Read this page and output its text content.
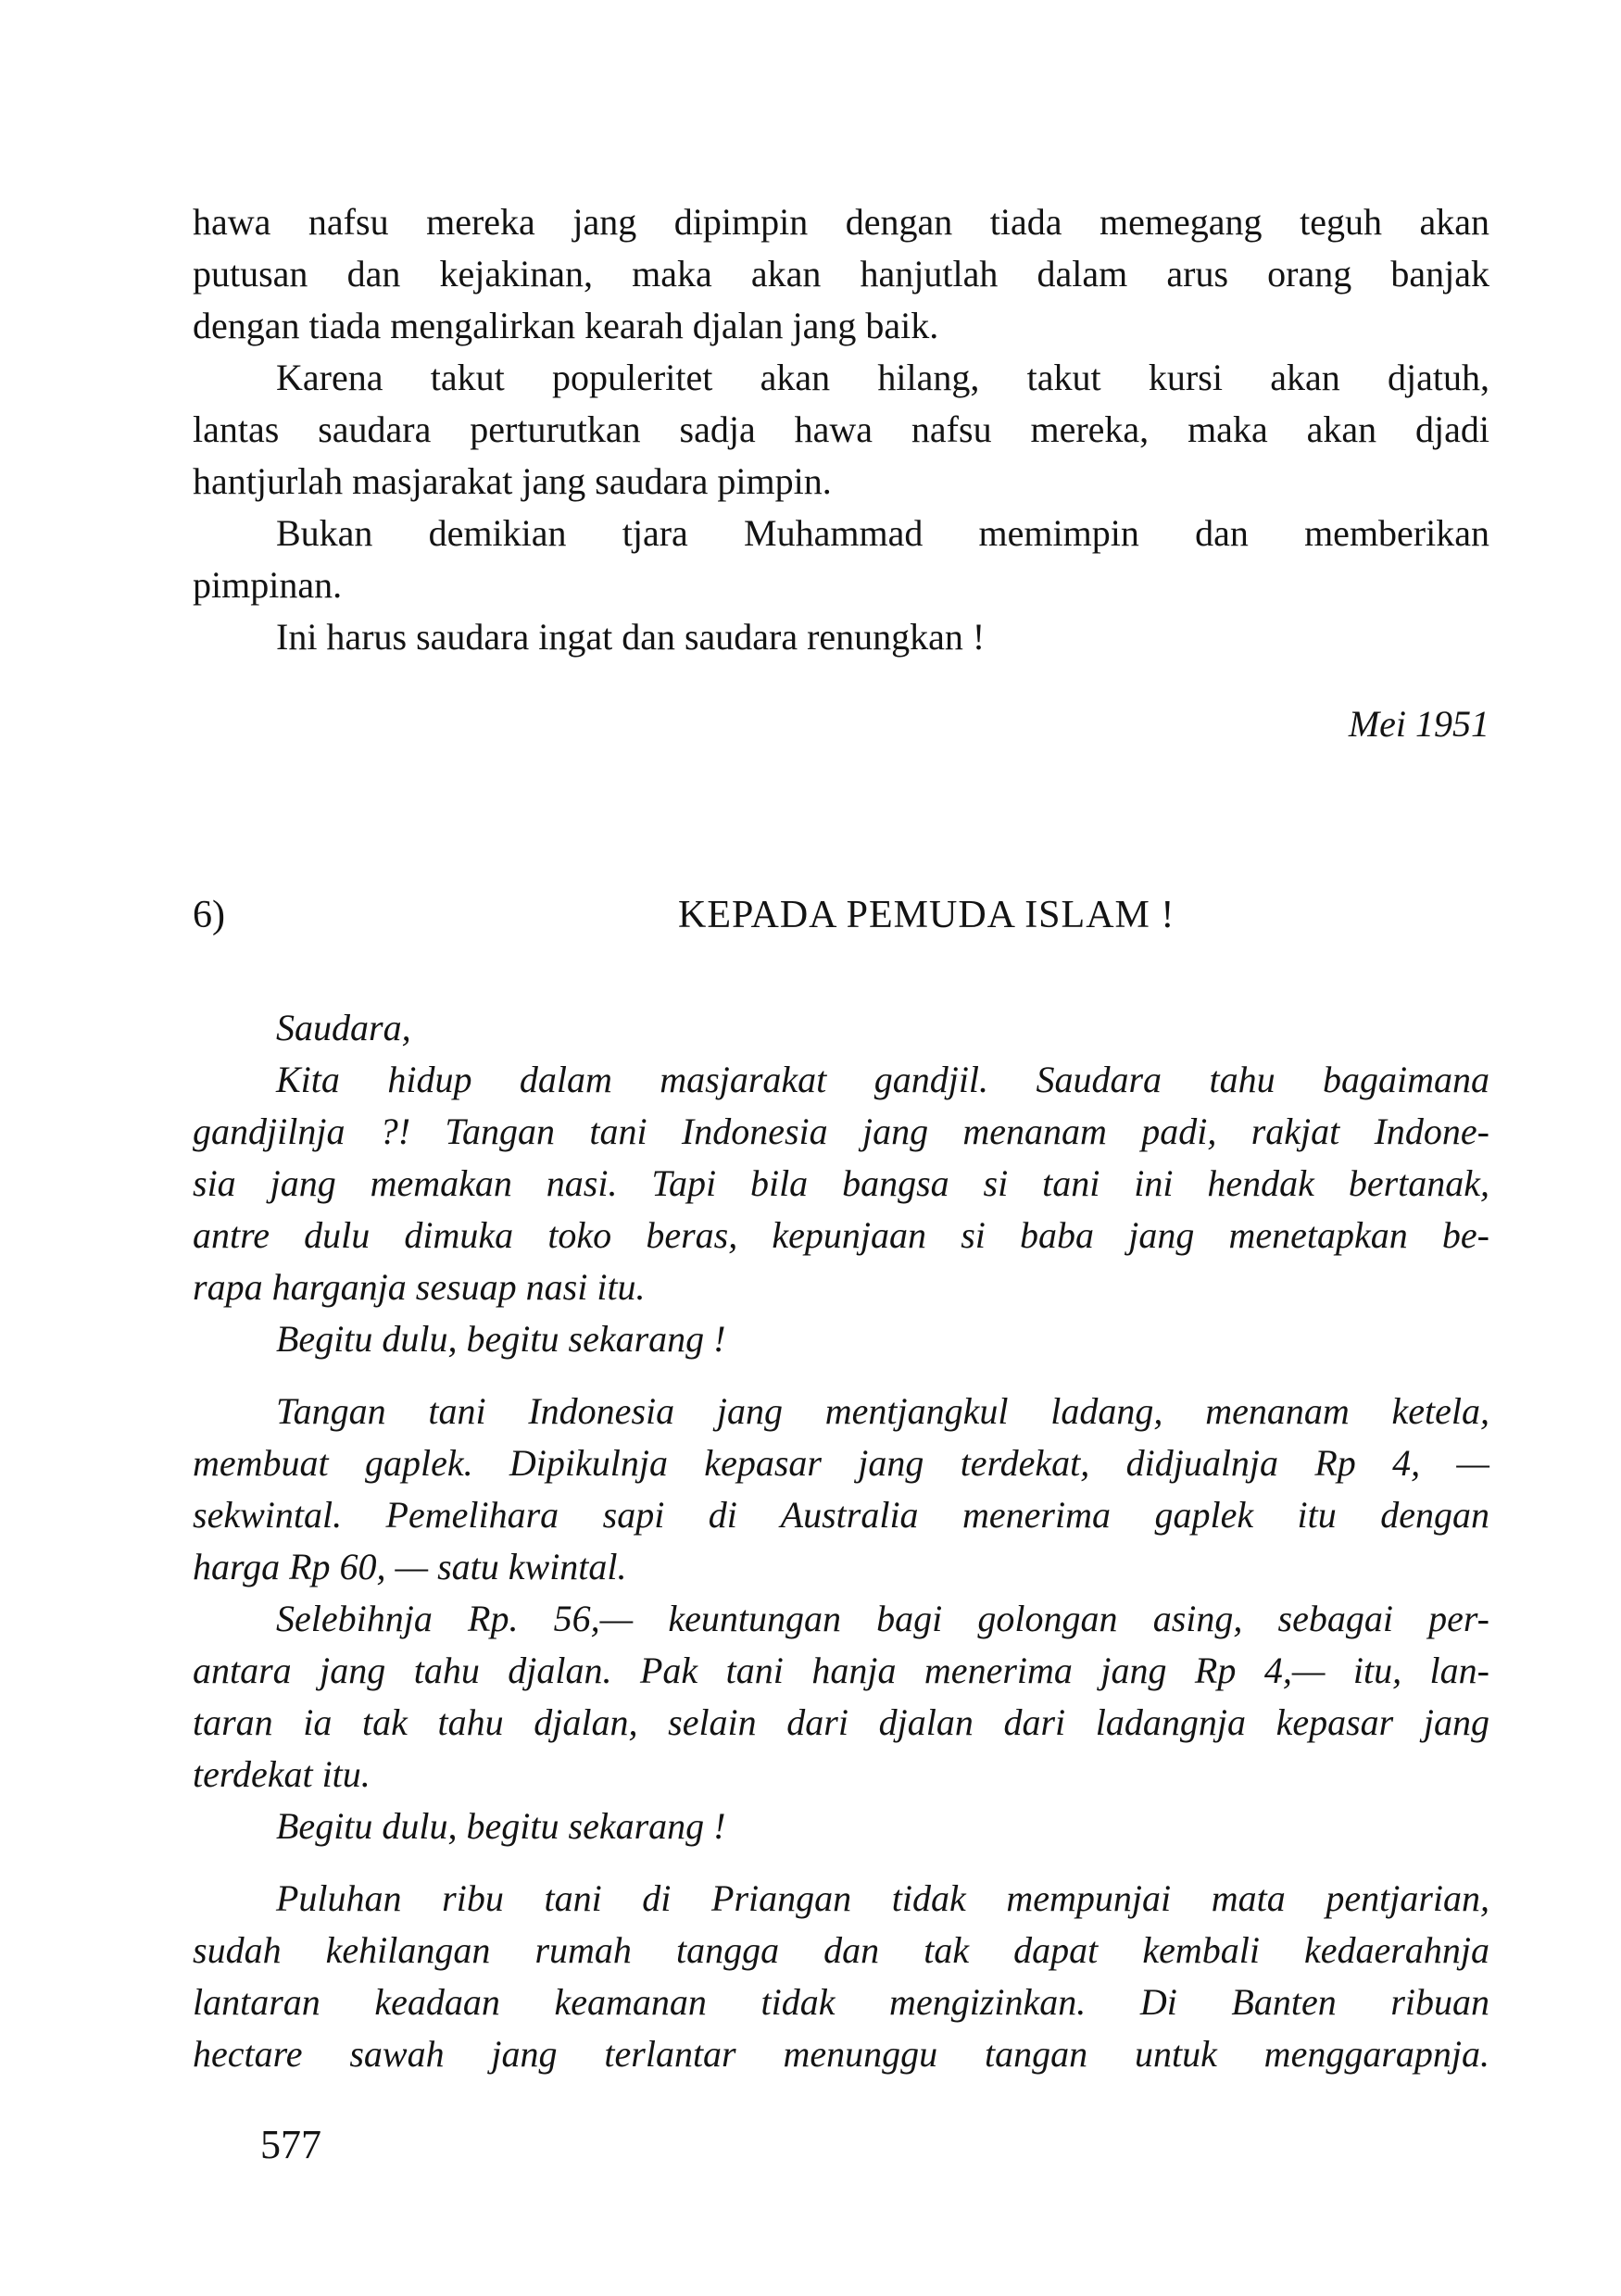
hawa nafsu mereka jang dipimpin dengan tiada memegang teguh akan
putusan dan kejakinan, maka akan hanjutlah dalam arus orang banjak
dengan tiada mengalirkan kearah djalan jang baik.
Karena takut populeritet akan hilang, takut kursi akan djatuh,
lantas saudara perturutkan sadja hawa nafsu mereka, maka akan djadi
hantjurlah masjarakat jang saudara pimpin.
Bukan demikian tjara Muhammad memimpin dan memberikan
pimpinan.
Ini harus saudara ingat dan saudara renungkan !
Mei 1951
6)	KEPADA PEMUDA ISLAM !
Saudara,
Kita hidup dalam masjarakat gandjil. Saudara tahu bagaimana
gandjilnja ?! Tangan tani Indonesia jang menanam padi, rakjat Indone-
sia jang memakan nasi. Tapi bila bangsa si tani ini hendak bertanak,
antre dulu dimuka toko beras, kepunjaan si baba jang menetapkan be-
rapa harganja sesuap nasi itu.
Begitu dulu, begitu sekarang !
Tangan tani Indonesia jang mentjangkul ladang, menanam ketela,
membuat gaplek. Dipikulnja kepasar jang terdekat, didjualnja Rp 4, —
sekwintal. Pemelihara sapi di Australia menerima gaplek itu dengan
harga Rp 60, — satu kwintal.
Selebihnja Rp. 56,— keuntungan bagi golongan asing, sebagai per-
antara jang tahu djalan. Pak tani hanja menerima jang Rp 4,— itu, lan-
taran ia tak tahu djalan, selain dari djalan dari ladangnja kepasar jang
terdekat itu.
Begitu dulu, begitu sekarang !
Puluhan ribu tani di Priangan tidak mempunjai mata pentjarian,
sudah kehilangan rumah tangga dan tak dapat kembali kedaerahnja
lantaran keadaan keamanan tidak mengizinkan. Di Banten ribuan
hectare sawah jang terlantar menunggu tangan untuk menggarapnja.
577
